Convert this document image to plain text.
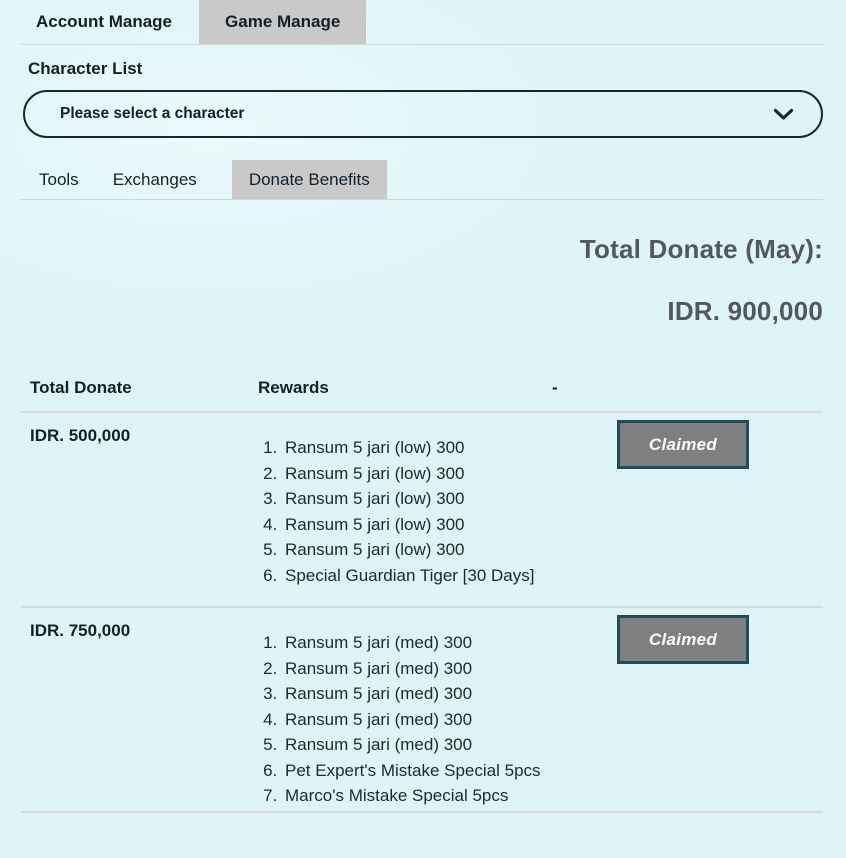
Account Manage	Game Manage
Character List
Please select a character
Tools	Exchanges	Donate Benefits
Total Donate (May):
IDR. 900,000
Total Donate	Rewards	-
IDR. 500,000
1. Ransum 5 jari (low) 300
2. Ransum 5 jari (low) 300
3. Ransum 5 jari (low) 300
4. Ransum 5 jari (low) 300
5. Ransum 5 jari (low) 300
6. Special Guardian Tiger [30 Days]
Claimed
IDR. 750,000
1. Ransum 5 jari (med) 300
2. Ransum 5 jari (med) 300
3. Ransum 5 jari (med) 300
4. Ransum 5 jari (med) 300
5. Ransum 5 jari (med) 300
6. Pet Expert's Mistake Special 5pcs
7. Marco's Mistake Special 5pcs
Claimed
